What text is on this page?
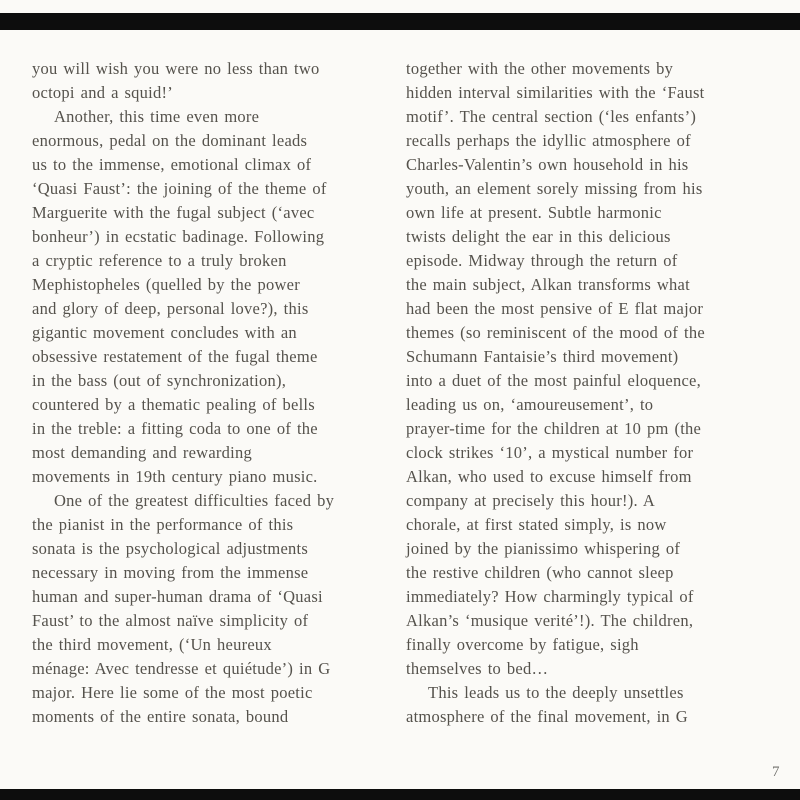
you will wish you were no less than two
octopi and a squid!’
Another, this time even more
enormous, pedal on the dominant leads
us to the immense, emotional climax of
‘Quasi Faust’: the joining of the theme of
Marguerite with the fugal subject (‘avec
bonheur’) in ecstatic badinage. Following
a cryptic reference to a truly broken
Mephistopheles (quelled by the power
and glory of deep, personal love?), this
gigantic movement concludes with an
obsessive restatement of the fugal theme
in the bass (out of synchronization),
countered by a thematic pealing of bells
in the treble: a fitting coda to one of the
most demanding and rewarding
movements in 19th century piano music.
One of the greatest difficulties faced by
the pianist in the performance of this
sonata is the psychological adjustments
necessary in moving from the immense
human and super-human drama of ‘Quasi
Faust’ to the almost naïve simplicity of
the third movement, (‘Un heureux
ménage: Avec tendresse et quiétude’) in G
major. Here lie some of the most poetic
moments of the entire sonata, bound
together with the other movements by
hidden interval similarities with the ‘Faust
motif’. The central section (‘les enfants’)
recalls perhaps the idyllic atmosphere of
Charles-Valentin’s own household in his
youth, an element sorely missing from his
own life at present. Subtle harmonic
twists delight the ear in this delicious
episode. Midway through the return of
the main subject, Alkan transforms what
had been the most pensive of E flat major
themes (so reminiscent of the mood of the
Schumann Fantaisie’s third movement)
into a duet of the most painful eloquence,
leading us on, ‘amoureusement’, to
prayer-time for the children at 10 pm (the
clock strikes ‘10’, a mystical number for
Alkan, who used to excuse himself from
company at precisely this hour!). A
chorale, at first stated simply, is now
joined by the pianissimo whispering of
the restive children (who cannot sleep
immediately? How charmingly typical of
Alkan’s ‘musique verité’!). The children,
finally overcome by fatigue, sigh
themselves to bed…
This leads us to the deeply unsettles
atmosphere of the final movement, in G
7
